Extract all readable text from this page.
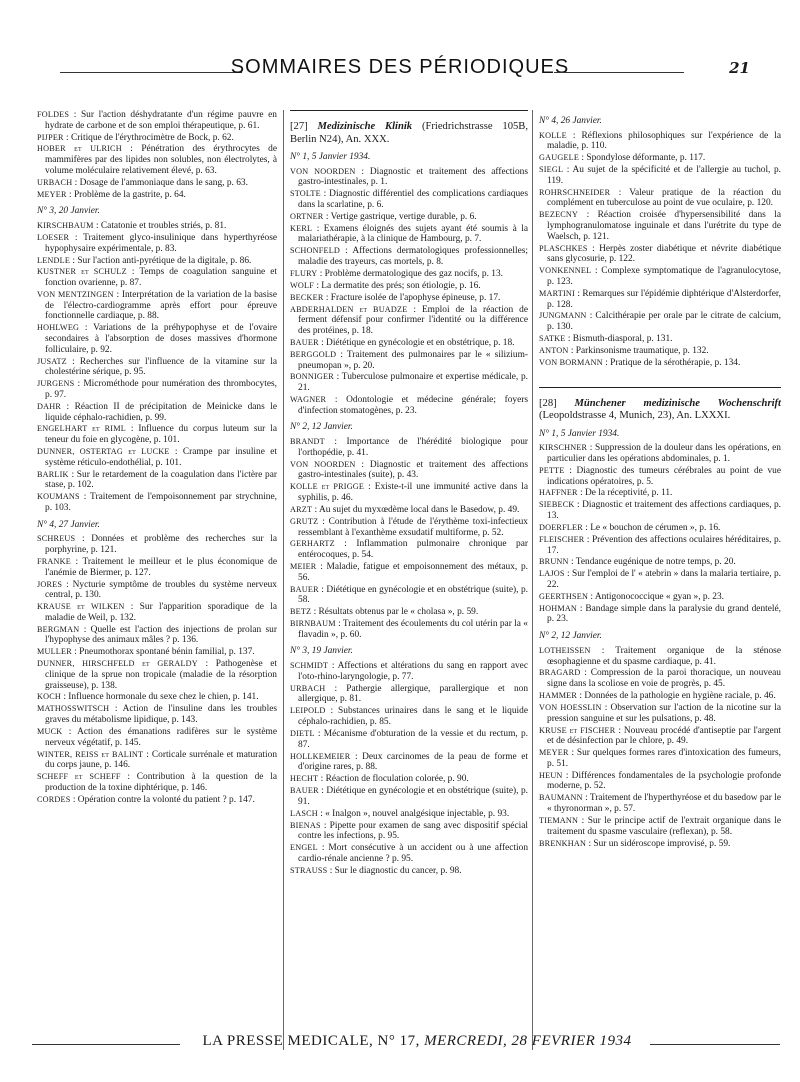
SOMMAIRES DES PÉRIODIQUES	21

FOLDES : Sur l'action déshydratante d'un régime pauvre en hydrate de carbone et de son emploi thérapeutique, p. 61.

PIJPER : Critique de l'érythrocimètre de Bock, p. 62.

HOBER et ULRICH : Pénétration des érythrocytes de mammifères par des lipides non solubles, non électrolytes, à volume moléculaire relativement élevé, p. 63.

URBACH : Dosage de l'ammoniaque dans le sang, p. 63.

MEYER : Problème de la gastrite, p. 64.

N° 3, 20 Janvier.

KIRSCHBAUM : Catatonie et troubles striés, p. 81.

LOESER : Traitement glyco-insulinique dans hyperthyréose hypophysaire expérimentale, p. 83.

LENDLE : Sur l'action anti-pyrétique de la digitale, p. 86.

KUSTNER et SCHULZ : Temps de coagulation sanguine et fonction ovarienne, p. 87.

VON MENTZINGEN : Interprétation de la variation de la basise de l'électro-cardiogramme après effort pour épreuve fonctionnelle cardiaque, p. 88.

HOHLWEG : Variations de la préhypophyse et de l'ovaire secondaires à l'absorption de doses massives d'hormone folliculaire, p. 92.

JUSATZ : Recherches sur l'influence de la vitamine sur la cholestérine sérique, p. 95.

JURGENS : Microméthode pour numération des thrombocytes, p. 97.

DAHR : Réaction II de précipitation de Meinicke dans le liquide céphalo-rachidien, p. 99.

ENGELHART et RIML : Influence du corpus luteum sur la teneur du foie en glycogène, p. 101.

DUNNER, OSTERTAG et LUCKE : Crampe par insuline et système réticulo-endothélial, p. 101.

BARLIK : Sur le retardement de la coagulation dans l'ictère par stase, p. 102.

KOUMANS : Traitement de l'empoisonnement par strychnine, p. 103.

N° 4, 27 Janvier.

SCHREUS : Données et problème des recherches sur la porphyrine, p. 121.

FRANKE : Traitement le meilleur et le plus économique de l'anémie de Biermer, p. 127.

JORES : Nycturie symptôme de troubles du système nerveux central, p. 130.

KRAUSE et WILKEN : Sur l'apparition sporadique de la maladie de Weil, p. 132.

BERGMAN : Quelle est l'action des injections de prolan sur l'hypophyse des animaux mâles ? p. 136.

MULLER : Pneumothorax spontané bénin familial, p. 137.

DUNNER, HIRSCHFELD et GERALDY : Pathogenèse et clinique de la sprue non tropicale (maladie de la résorption graisseuse), p. 138.

KOCH : Influence hormonale du sexe chez le chien, p. 141.

MATHOSSWITSCH : Action de l'insuline dans les troubles graves du métabolisme lipidique, p. 143.

MUCK : Action des émanations radifères sur le système nerveux végétatif, p. 145.

WINTER, REISS et BALINT : Corticale surrénale et maturation du corps jaune, p. 146.

SCHEFF et SCHEFF : Contribution à la question de la production de la toxine diphtérique, p. 146.

CORDES : Opération contre la volonté du patient ? p. 147.

[27] Medizinische Klinik (Friedrichstrasse 105B, Berlin N24), An. XXX.

N° 1, 5 Janvier 1934.

VON NOORDEN : Diagnostic et traitement des affections gastro-intestinales, p. 1.

STOLTE : Diagnostic différentiel des complications cardiaques dans la scarlatine, p. 6.

ORTNER : Vertige gastrique, vertige durable, p. 6.

KERL : Examens éloignés des sujets ayant été soumis à la malariathérapie, à la clinique de Hambourg, p. 7.

SCHONFELD : Affections dermatologiques professionnelles; maladie des trayeurs, cas mortels, p. 8.

FLURY : Problème dermatologique des gaz nocifs, p. 13.

WOLF : La dermatite des prés; son étiologie, p. 16.

BECKER : Fracture isolée de l'apophyse épineuse, p. 17.

ABDERHALDEN et BUADZE : Emploi de la réaction de ferment défensif pour confirmer l'identité ou la différence des protéines, p. 18.

BAUER : Diététique en gynécologie et en obstétrique, p. 18.

BERGGOLD : Traitement des pulmonaires par le « silizium-pneumopan », p. 20.

BONNIGER : Tuberculose pulmonaire et expertise médicale, p. 21.

WAGNER : Odontologie et médecine générale; foyers d'infection stomatogènes, p. 23.

N° 2, 12 Janvier.

BRANDT : Importance de l'hérédité biologique pour l'orthopédie, p. 41.

VON NOORDEN : Diagnostic et traitement des affections gastro-intestinales (suite), p. 43.

KOLLE et PRIGGE : Existe-t-il une immunité active dans la syphilis, p. 46.

ARZT : Au sujet du myxœdème local dans le Basedow, p. 49.

GRUTZ : Contribution à l'étude de l'érythème toxi-infectieux ressemblant à l'exanthème exsudatif multiforme, p. 52.

GERHARTZ : Inflammation pulmonaire chronique par entérocoques, p. 54.

MEIER : Maladie, fatigue et empoisonnement des métaux, p. 56.

BAUER : Diététique en gynécologie et en obstétrique (suite), p. 58.

BETZ : Résultats obtenus par le « cholasa », p. 59.

BIRNBAUM : Traitement des écoulements du col utérin par la « flavadin », p. 60.

N° 3, 19 Janvier.

SCHMIDT : Affections et altérations du sang en rapport avec l'oto-rhino-laryngologie, p. 77.

URBACH : Pathergie allergique, parallergique et non allergique, p. 81.

LEIPOLD : Substances urinaires dans le sang et le liquide céphalo-rachidien, p. 85.

DIETL : Mécanisme d'obturation de la vessie et du rectum, p. 87.

HOLLKEMEIER : Deux carcinomes de la peau de forme et d'origine rares, p. 88.

HECHT : Réaction de floculation colorée, p. 90.

BAUER : Diététique en gynécologie et en obstétrique (suite), p. 91.

LASCH : « Inalgon », nouvel analgésique injectable, p. 93.

BIENAS : Pipette pour examen de sang avec dispositif spécial contre les infections, p. 95.

ENGEL : Mort consécutive à un accident ou à une affection cardio-rénale ancienne ? p. 95.

STRAUSS : Sur le diagnostic du cancer, p. 98.

N° 4, 26 Janvier.

KOLLE : Réflexions philosophiques sur l'expérience de la maladie, p. 110.

GAUGELE : Spondylose déformante, p. 117.

SIEGL : Au sujet de la spécificité et de l'allergie au tuchol, p. 119.

ROHRSCHNEIDER : Valeur pratique de la réaction du complément en tuberculose au point de vue oculaire, p. 120.

BEZECNY : Réaction croisée d'hypersensibilité dans la lymphogranulomatose inguinale et dans l'urétrite du type de Waelsch, p. 121.

PLASCHKES : Herpès zoster diabétique et névrite diabétique sans glycosurie, p. 122.

VONKENNEL : Complexe symptomatique de l'agranulocytose, p. 123.

MARTINI : Remarques sur l'épidémie diphtérique d'Alsterdorfer, p. 128.

JUNGMANN : Calcithérapie per orale par le citrate de calcium, p. 130.

SATKE : Bismuth-diasporal, p. 131.

ANTON : Parkinsonisme traumatique, p. 132.

VON BORMANN : Pratique de la sérothérapie, p. 134.

[28] Münchener medizinische Wochenschrift (Leopoldstrasse 4, Munich, 23), An. LXXXI.

N° 1, 5 Janvier 1934.

KIRSCHNER : Suppression de la douleur dans les opérations, en particulier dans les opérations abdominales, p. 1.

PETTE : Diagnostic des tumeurs cérébrales au point de vue indications opératoires, p. 5.

HAFFNER : De la réceptivité, p. 11.

SIEBECK : Diagnostic et traitement des affections cardiaques, p. 13.

DOERFLER : Le « bouchon de cérumen », p. 16.

FLEISCHER : Prévention des affections oculaires héréditaires, p. 17.

BRUNN : Tendance eugénique de notre temps, p. 20.

LAJOS : Sur l'emploi de l' « atebrin » dans la malaria tertiaire, p. 22.

GEERTHSEN : Antigonococcique « gyan », p. 23.

HOHMAN : Bandage simple dans la paralysie du grand dentelé, p. 23.

N° 2, 12 Janvier.

LOTHEISSEN : Traitement organique de la sténose œsophagienne et du spasme cardiaque, p. 41.

BRAGARD : Compression de la paroi thoracique, un nouveau signe dans la scoliose en voie de progrès, p. 45.

HAMMER : Données de la pathologie en hygiène raciale, p. 46.

VON HOESSLIN : Observation sur l'action de la nicotine sur la pression sanguine et sur les pulsations, p. 48.

KRUSE et FISCHER : Nouveau procédé d'antiseptie par l'argent et de désinfection par le chlore, p. 49.

MEYER : Sur quelques formes rares d'intoxication des fumeurs, p. 51.

HEUN : Différences fondamentales de la psychologie profonde moderne, p. 52.

BAUMANN : Traitement de l'hyperthyréose et du basedow par le « thyronorman », p. 57.

TIEMANN : Sur le principe actif de l'extrait organique dans le traitement du spasme vasculaire (reflexan), p. 58.

BRENKHAN : Sur un sidéroscope improvisé, p. 59.

LA PRESSE MEDICALE, N° 17, MERCREDI, 28 FEVRIER 1934
